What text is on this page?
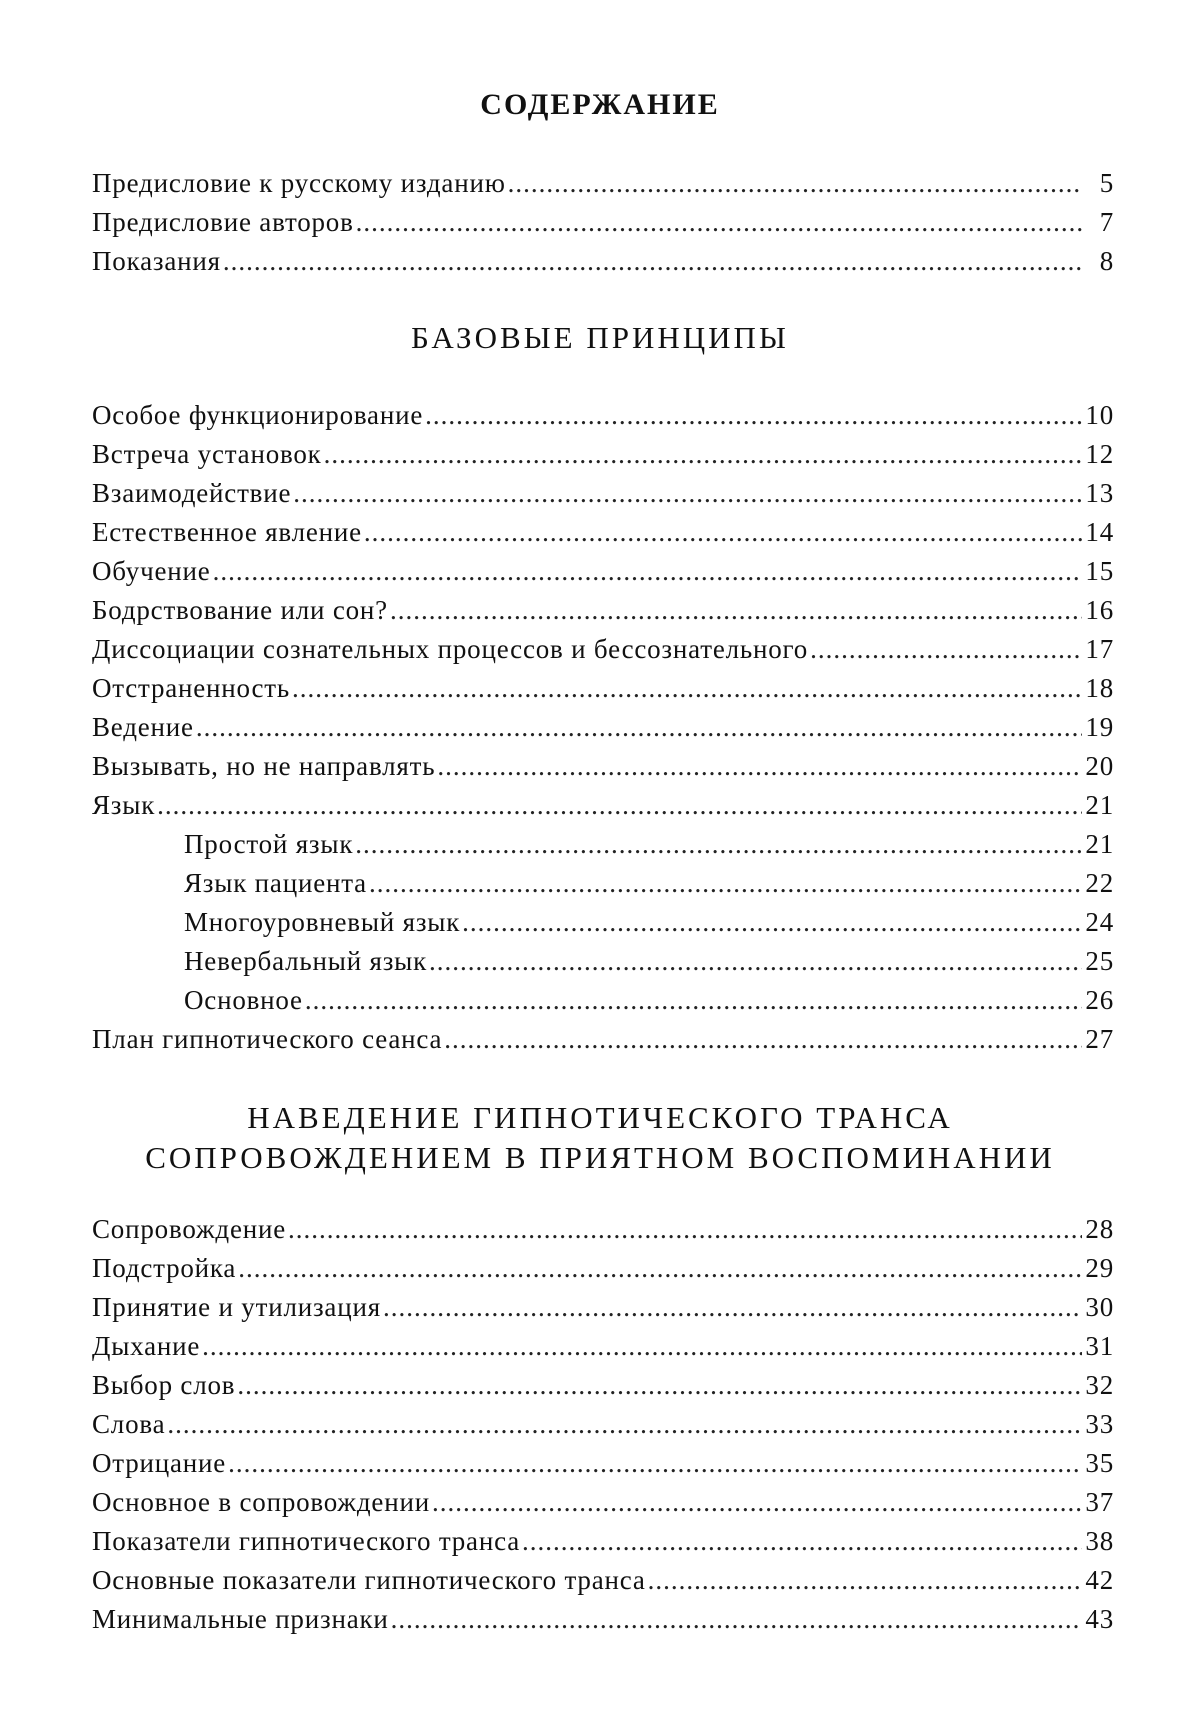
СОДЕРЖАНИЕ
Предисловие к русскому изданию .....	5
Предисловие авторов .....	7
Показания .....	8
БАЗОВЫЕ ПРИНЦИПЫ
Особое функционирование .....	10
Встреча установок .....	12
Взаимодействие .....	13
Естественное явление .....	14
Обучение .....	15
Бодрствование или сон? .....	16
Диссоциации сознательных процессов и бессознательного .....	17
Отстраненность .....	18
Ведение .....	19
Вызывать, но не направлять .....	20
Язык .....	21
Простой язык .....	21
Язык пациента .....	22
Многоуровневый язык .....	24
Невербальный язык .....	25
Основное .....	26
План гипнотического сеанса .....	27
НАВЕДЕНИЕ ГИПНОТИЧЕСКОГО ТРАНСА
СОПРОВОЖДЕНИЕМ В ПРИЯТНОМ ВОСПОМИНАНИИ
Сопровождение .....	28
Подстройка .....	29
Принятие и утилизация .....	30
Дыхание .....	31
Выбор слов .....	32
Слова .....	33
Отрицание .....	35
Основное в сопровождении .....	37
Показатели гипнотического транса .....	38
Основные показатели гипнотического транса .....	42
Минимальные признаки .....	43
